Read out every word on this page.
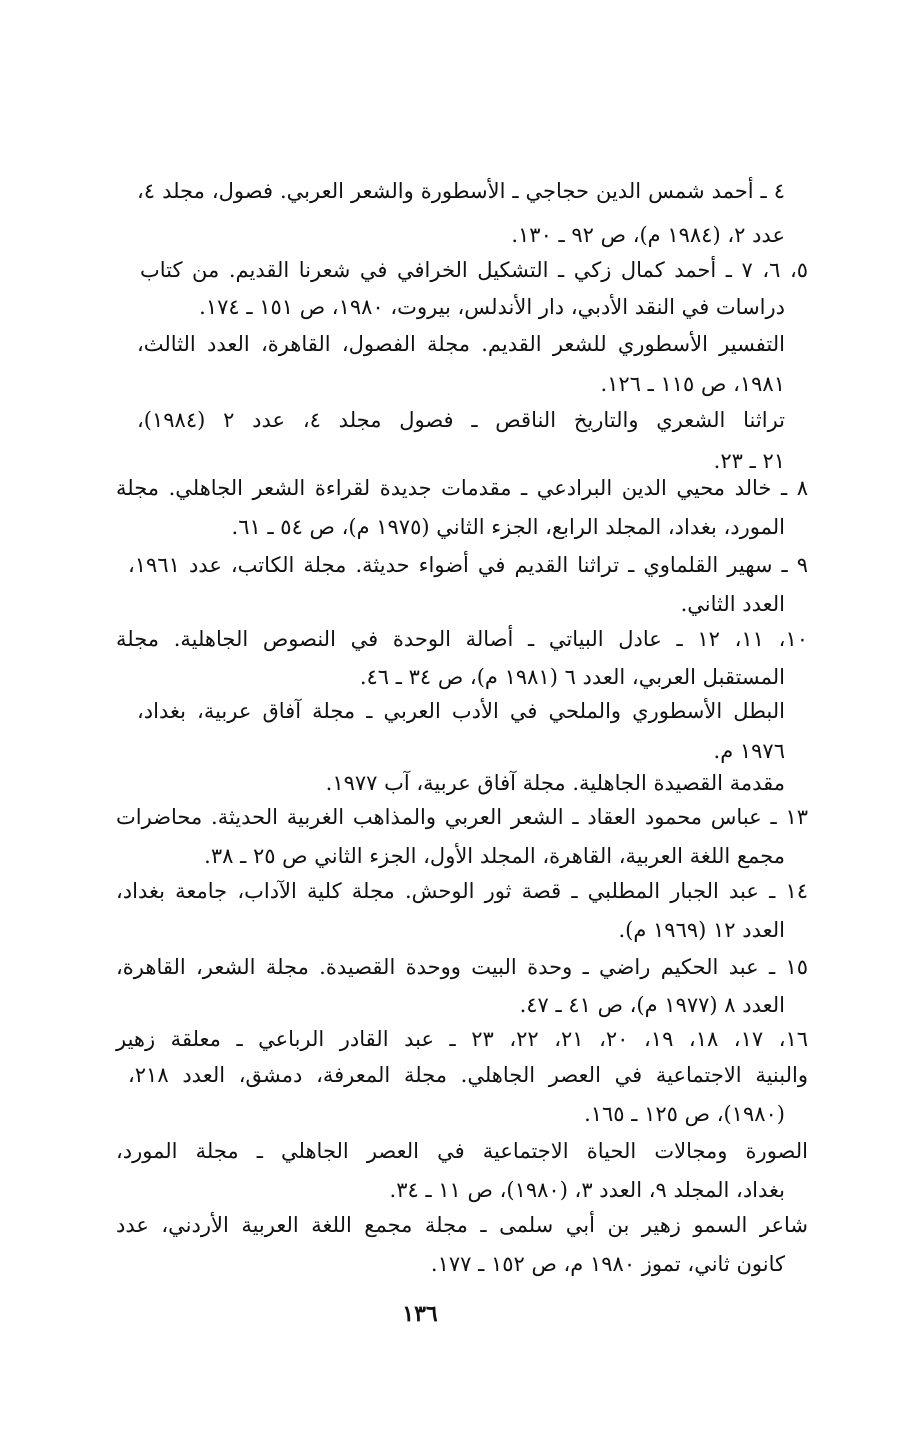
٤ ـ أحمد شمس الدين حجاجي ـ الأسطورة والشعر العربي. فصول، مجلد ٤،
عدد ٢، (١٩٨٤ م)، ص ٩٢ ـ ١٣٠.
٥، ٦، ٧ ـ أحمد كمال زكي ـ التشكيل الخرافي في شعرنا القديم. من كتاب
دراسات في النقد الأدبي، دار الأندلس، بيروت، ١٩٨٠، ص ١٥١ ـ ١٧٤.
التفسير الأسطوري للشعر القديم. مجلة الفصول، القاهرة، العدد الثالث،
١٩٨١، ص ١١٥ ـ ١٢٦.
تراثنا الشعري والتاريخ الناقص ـ فصول مجلد ٤، عدد ٢ (١٩٨٤)،
٢١ ـ ٢٣.
٨ ـ خالد محيي الدين البرادعي ـ مقدمات جديدة لقراءة الشعر الجاهلي. مجلة
المورد، بغداد، المجلد الرابع، الجزء الثاني (١٩٧٥ م)، ص ٥٤ ـ ٦١.
٩ ـ سهير القلماوي ـ تراثنا القديم في أضواء حديثة. مجلة الكاتب، عدد ١٩٦١،
العدد الثاني.
١٠، ١١، ١٢ ـ عادل البياتي ـ أصالة الوحدة في النصوص الجاهلية. مجلة
المستقبل العربي، العدد ٦ (١٩٨١ م)، ص ٣٤ ـ ٤٦.
البطل الأسطوري والملحي في الأدب العربي ـ مجلة آفاق عربية، بغداد،
١٩٧٦ م.
مقدمة القصيدة الجاهلية. مجلة آفاق عربية، آب ١٩٧٧.
١٣ ـ عباس محمود العقاد ـ الشعر العربي والمذاهب الغربية الحديثة. محاضرات
مجمع اللغة العربية، القاهرة، المجلد الأول، الجزء الثاني ص ٢٥ ـ ٣٨.
١٤ ـ عبد الجبار المطلبي ـ قصة ثور الوحش. مجلة كلية الآداب، جامعة بغداد،
العدد ١٢ (١٩٦٩ م).
١٥ ـ عبد الحكيم راضي ـ وحدة البيت ووحدة القصيدة. مجلة الشعر، القاهرة،
العدد ٨ (١٩٧٧ م)، ص ٤١ ـ ٤٧.
١٦، ١٧، ١٨، ١٩، ٢٠، ٢١، ٢٢، ٢٣ ـ عبد القادر الرباعي ـ معلقة زهير
والبنية الاجتماعية في العصر الجاهلي. مجلة المعرفة، دمشق، العدد ٢١٨،
(١٩٨٠)، ص ١٢٥ ـ ١٦٥.
الصورة ومجالات الحياة الاجتماعية في العصر الجاهلي ـ مجلة المورد،
بغداد، المجلد ٩، العدد ٣، (١٩٨٠)، ص ١١ ـ ٣٤.
شاعر السمو زهير بن أبي سلمى ـ مجلة مجمع اللغة العربية الأردني، عدد
كانون ثاني، تموز ١٩٨٠ م، ص ١٥٢ ـ ١٧٧.
١٣٦
